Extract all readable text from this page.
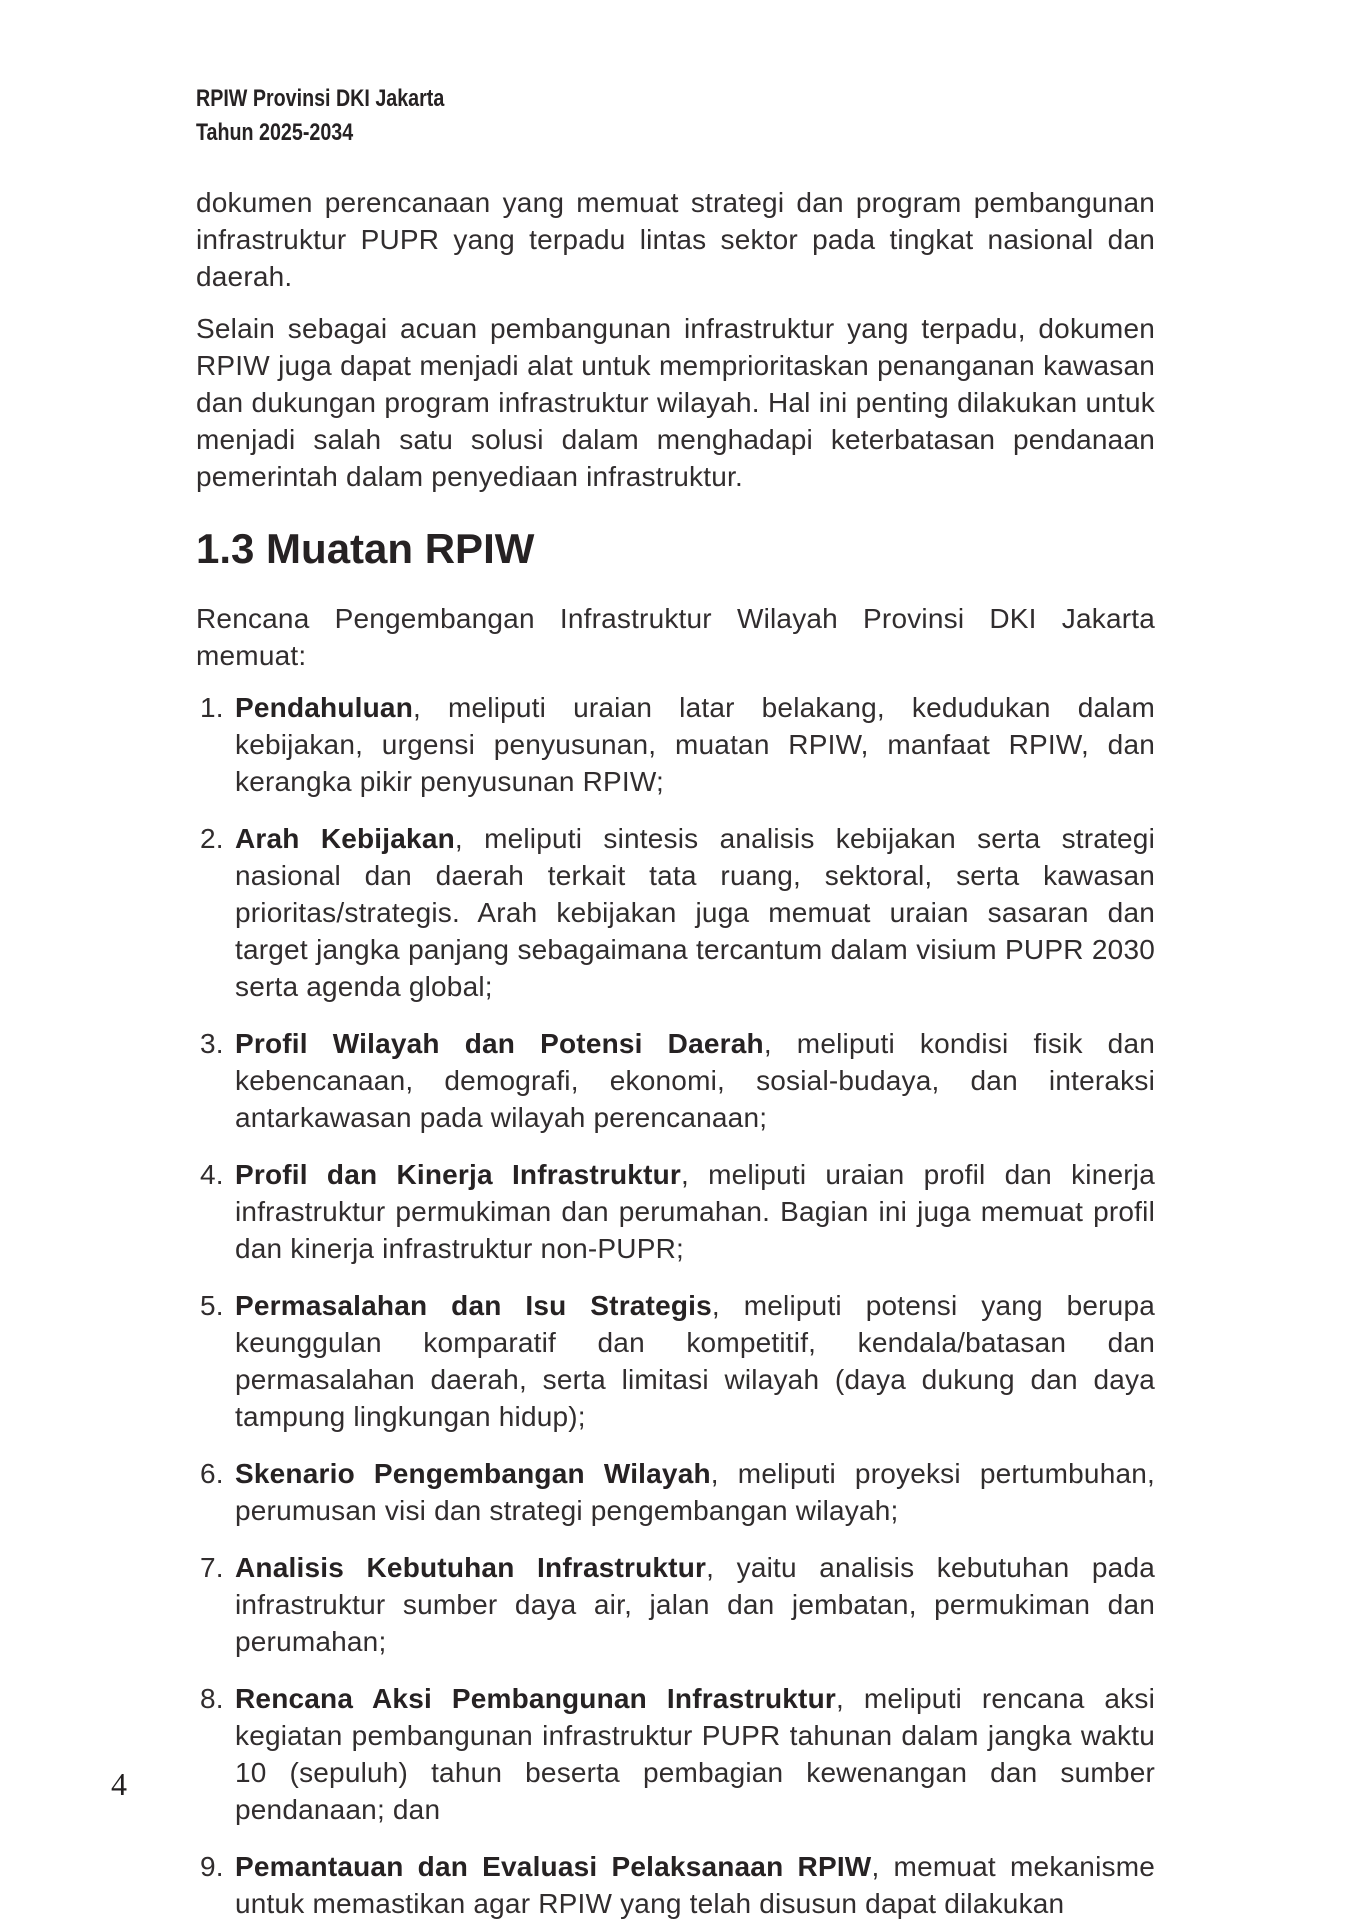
RPIW Provinsi DKI Jakarta
Tahun 2025-2034

dokumen perencanaan yang memuat strategi dan program pembangunan infrastruktur PUPR yang terpadu lintas sektor pada tingkat nasional dan daerah.

Selain sebagai acuan pembangunan infrastruktur yang terpadu, dokumen RPIW juga dapat menjadi alat untuk memprioritaskan penanganan kawasan dan dukungan program infrastruktur wilayah. Hal ini penting dilakukan untuk menjadi salah satu solusi dalam menghadapi keterbatasan pendanaan pemerintah dalam penyediaan infrastruktur.

1.3 Muatan RPIW

Rencana Pengembangan Infrastruktur Wilayah Provinsi DKI Jakarta memuat:

1. Pendahuluan, meliputi uraian latar belakang, kedudukan dalam kebijakan, urgensi penyusunan, muatan RPIW, manfaat RPIW, dan kerangka pikir penyusunan RPIW;
2. Arah Kebijakan, meliputi sintesis analisis kebijakan serta strategi nasional dan daerah terkait tata ruang, sektoral, serta kawasan prioritas/strategis. Arah kebijakan juga memuat uraian sasaran dan target jangka panjang sebagaimana tercantum dalam visium PUPR 2030 serta agenda global;
3. Profil Wilayah dan Potensi Daerah, meliputi kondisi fisik dan kebencanaan, demografi, ekonomi, sosial-budaya, dan interaksi antarkawasan pada wilayah perencanaan;
4. Profil dan Kinerja Infrastruktur, meliputi uraian profil dan kinerja infrastruktur permukiman dan perumahan. Bagian ini juga memuat profil dan kinerja infrastruktur non-PUPR;
5. Permasalahan dan Isu Strategis, meliputi potensi yang berupa keunggulan komparatif dan kompetitif, kendala/batasan dan permasalahan daerah, serta limitasi wilayah (daya dukung dan daya tampung lingkungan hidup);
6. Skenario Pengembangan Wilayah, meliputi proyeksi pertumbuhan, perumusan visi dan strategi pengembangan wilayah;
7. Analisis Kebutuhan Infrastruktur, yaitu analisis kebutuhan pada infrastruktur sumber daya air, jalan dan jembatan, permukiman dan perumahan;
8. Rencana Aksi Pembangunan Infrastruktur, meliputi rencana aksi kegiatan pembangunan infrastruktur PUPR tahunan dalam jangka waktu 10 (sepuluh) tahun beserta pembagian kewenangan dan sumber pendanaan; dan
9. Pemantauan dan Evaluasi Pelaksanaan RPIW, memuat mekanisme untuk memastikan agar RPIW yang telah disusun dapat dilakukan
4
